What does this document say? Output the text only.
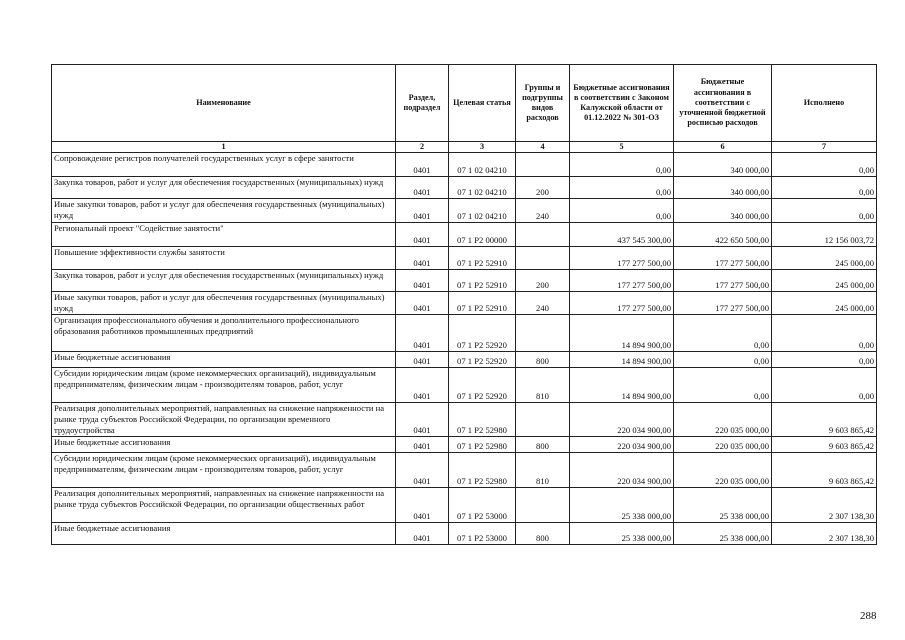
Наименование	Раздел, подраздел	Целевая статья	Группы и подгруппы видов расходов	Бюджетные ассигнования в соответствии с Законом Калужской области от 01.12.2022 № 301-ОЗ	Бюджетные ассигнования в соответствии с уточненной бюджетной росписью расходов	Исполнено
1	2	3	4	5	6	7
Сопровождение регистров получателей государственных услуг в сфере занятости	0401	07 1 02 04210		0,00	340 000,00	0,00
Закупка товаров, работ и услуг для обеспечения государственных (муниципальных) нужд	0401	07 1 02 04210	200	0,00	340 000,00	0,00
Иные закупки товаров, работ и услуг для обеспечения государственных (муниципальных) нужд	0401	07 1 02 04210	240	0,00	340 000,00	0,00
Региональный проект "Содействие занятости"	0401	07 1 P2 00000		437 545 300,00	422 650 500,00	12 156 003,72
Повышение эффективности службы занятости	0401	07 1 P2 52910		177 277 500,00	177 277 500,00	245 000,00
Закупка товаров, работ и услуг для обеспечения государственных (муниципальных) нужд	0401	07 1 P2 52910	200	177 277 500,00	177 277 500,00	245 000,00
Иные закупки товаров, работ и услуг для обеспечения государственных (муниципальных) нужд	0401	07 1 P2 52910	240	177 277 500,00	177 277 500,00	245 000,00
Организация профессионального обучения и дополнительного профессионального образования работников промышленных предприятий	0401	07 1 P2 52920		14 894 900,00	0,00	0,00
Иные бюджетные ассигнования	0401	07 1 P2 52920	800	14 894 900,00	0,00	0,00
Субсидии юридическим лицам (кроме некоммерческих организаций), индивидуальным предпринимателям, физическим лицам - производителям товаров, работ, услуг	0401	07 1 P2 52920	810	14 894 900,00	0,00	0,00
Реализация дополнительных мероприятий, направленных на снижение напряженности на рынке труда субъектов Российской Федерации, по организации временного трудоустройства	0401	07 1 P2 52980		220 034 900,00	220 035 000,00	9 603 865,42
Иные бюджетные ассигнования	0401	07 1 P2 52980	800	220 034 900,00	220 035 000,00	9 603 865,42
Субсидии юридическим лицам (кроме некоммерческих организаций), индивидуальным предпринимателям, физическим лицам - производителям товаров, работ, услуг	0401	07 1 P2 52980	810	220 034 900,00	220 035 000,00	9 603 865,42
Реализация дополнительных мероприятий, направленных на снижение напряженности на рынке труда субъектов Российской Федерации, по организации общественных работ	0401	07 1 P2 53000		25 338 000,00	25 338 000,00	2 307 138,30
Иные бюджетные ассигнования	0401	07 1 P2 53000	800	25 338 000,00	25 338 000,00	2 307 138,30
288
